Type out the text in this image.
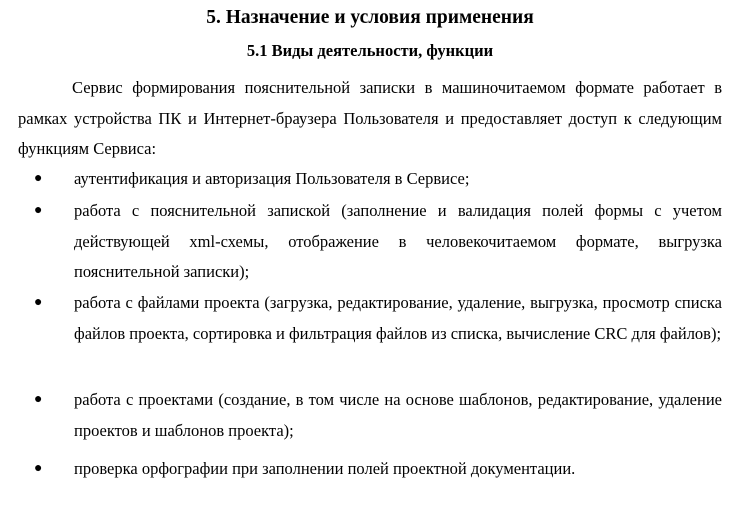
5. Назначение и условия применения
5.1 Виды деятельности, функции
Сервис формирования пояснительной записки в машиночитаемом формате работает в рамках устройства ПК и Интернет-браузера Пользователя и предоставляет доступ к следующим функциям Сервиса:
●	аутентификация и авторизация Пользователя в Сервисе;
●	работа с пояснительной запиской (заполнение и валидация полей формы с учетом действующей xml-схемы, отображение в человекочитаемом формате, выгрузка пояснительной записки);
●	работа с файлами проекта (загрузка, редактирование, удаление, выгрузка, просмотр списка файлов проекта, сортировка и фильтрация файлов из списка, вычисление CRC для файлов);
●	работа с проектами (создание, в том числе на основе шаблонов, редактирование, удаление проектов и шаблонов проекта);
●	проверка орфографии при заполнении полей проектной документации.
